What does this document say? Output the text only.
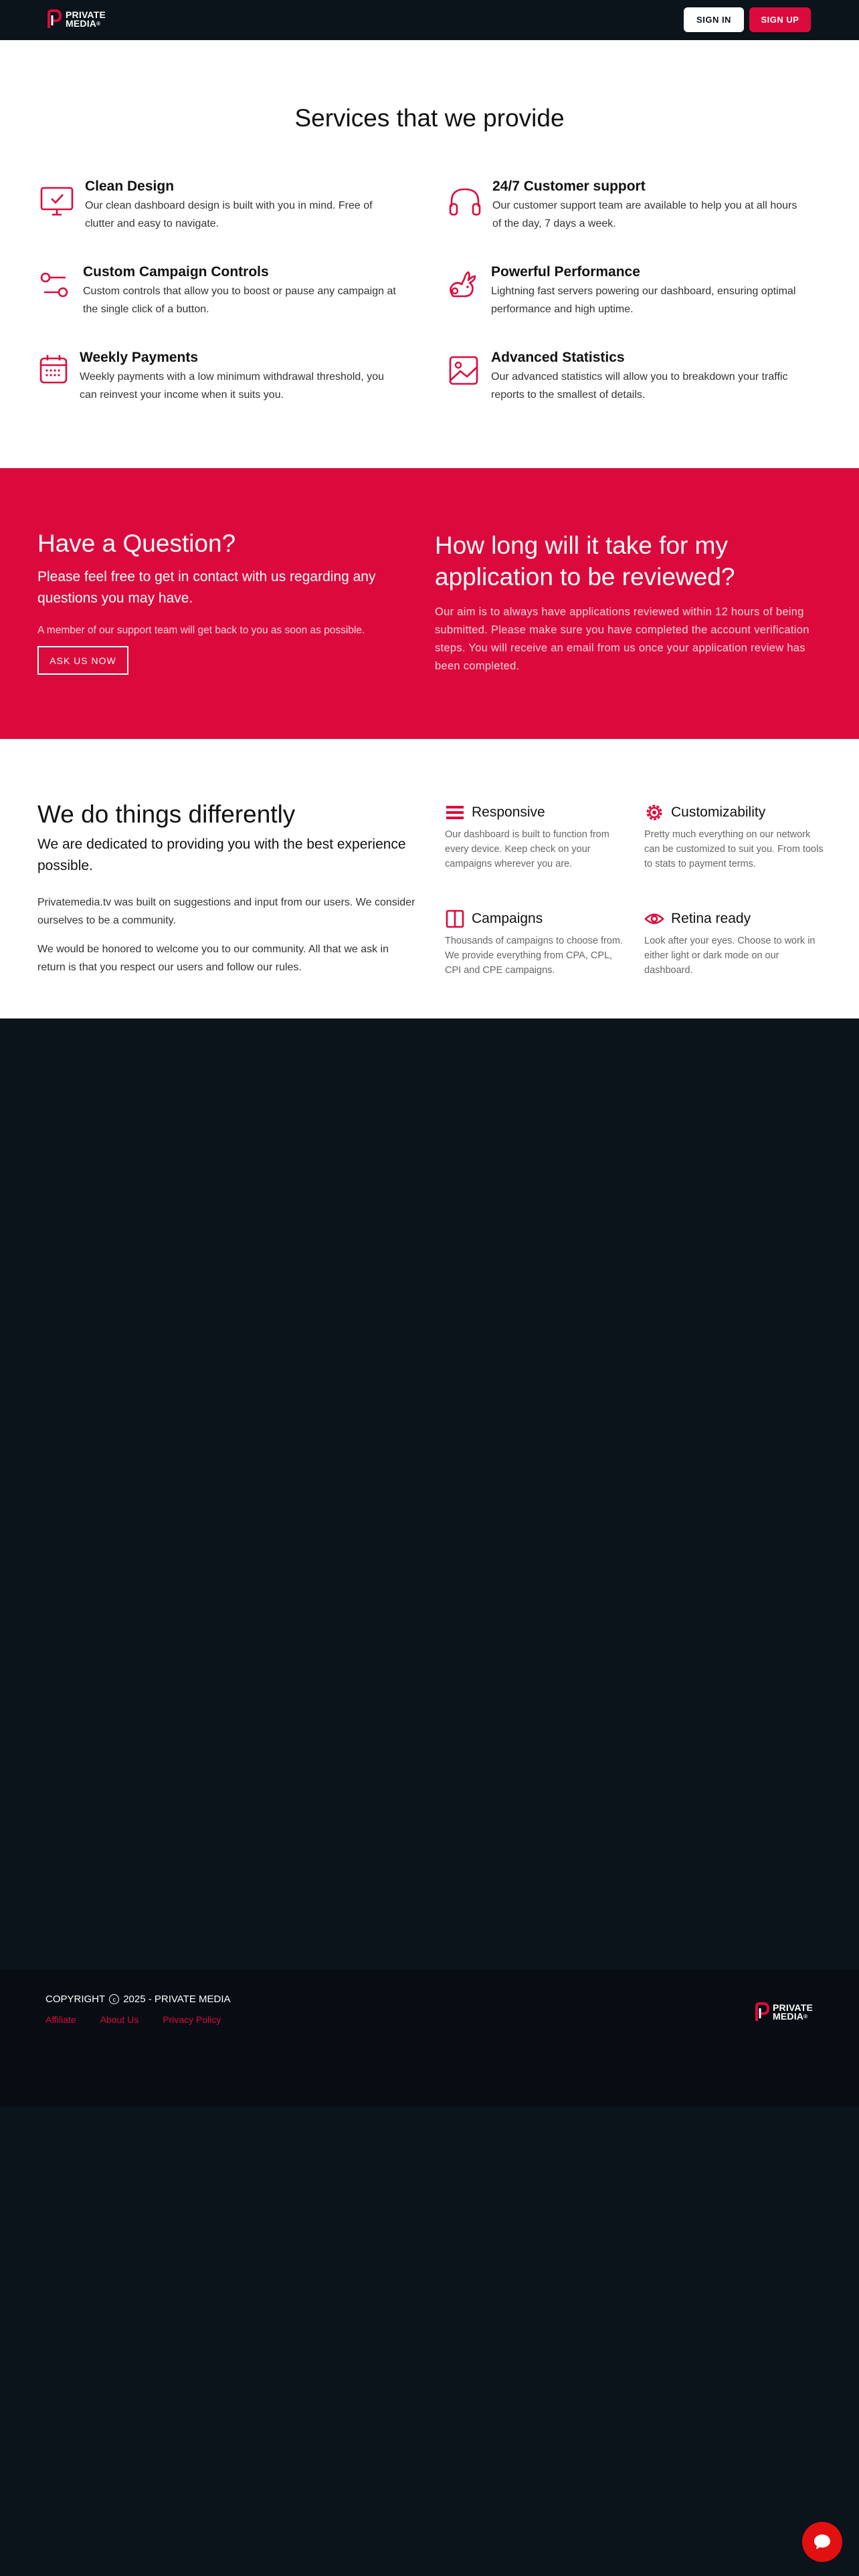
PRIVATE
MEDIA®	SIGN IN	SIGN UP
Services that we provide
Clean Design
Our clean dashboard design is built with you in mind. Free of clutter and easy to navigate.
24/7 Customer support
Our customer support team are available to help you at all hours of the day, 7 days a week.
Custom Campaign Controls
Custom controls that allow you to boost or pause any campaign at the single click of a button.
Powerful Performance
Lightning fast servers powering our dashboard, ensuring optimal performance and high uptime.
Weekly Payments
Weekly payments with a low minimum withdrawal threshold, you can reinvest your income when it suits you.
Advanced Statistics
Our advanced statistics will allow you to breakdown your traffic reports to the smallest of details.
Have a Question?
Please feel free to get in contact with us regarding any questions you may have.
A member of our support team will get back to you as soon as possible.
ASK US NOW
How long will it take for my application to be reviewed?
Our aim is to always have applications reviewed within 12 hours of being submitted. Please make sure you have completed the account verification steps. You will receive an email from us once your application review has been completed.
We do things differently
We are dedicated to providing you with the best experience possible.
Privatemedia.tv was built on suggestions and input from our users. We consider ourselves to be a community.
We would be honored to welcome you to our community. All that we ask in return is that you respect our users and follow our rules.
Responsive
Our dashboard is built to function from every device. Keep check on your campaigns wherever you are.
Customizability
Pretty much everything on our network can be customized to suit you. From tools to stats to payment terms.
Campaigns
Thousands of campaigns to choose from. We provide everything from CPA, CPL, CPI and CPE campaigns.
Retina ready
Look after your eyes. Choose to work in either light or dark mode on our dashboard.
COPYRIGHT	c 2025 - PRIVATE MEDIA
Affiliate	About Us	Privacy Policy
PRIVATE
MEDIA®
